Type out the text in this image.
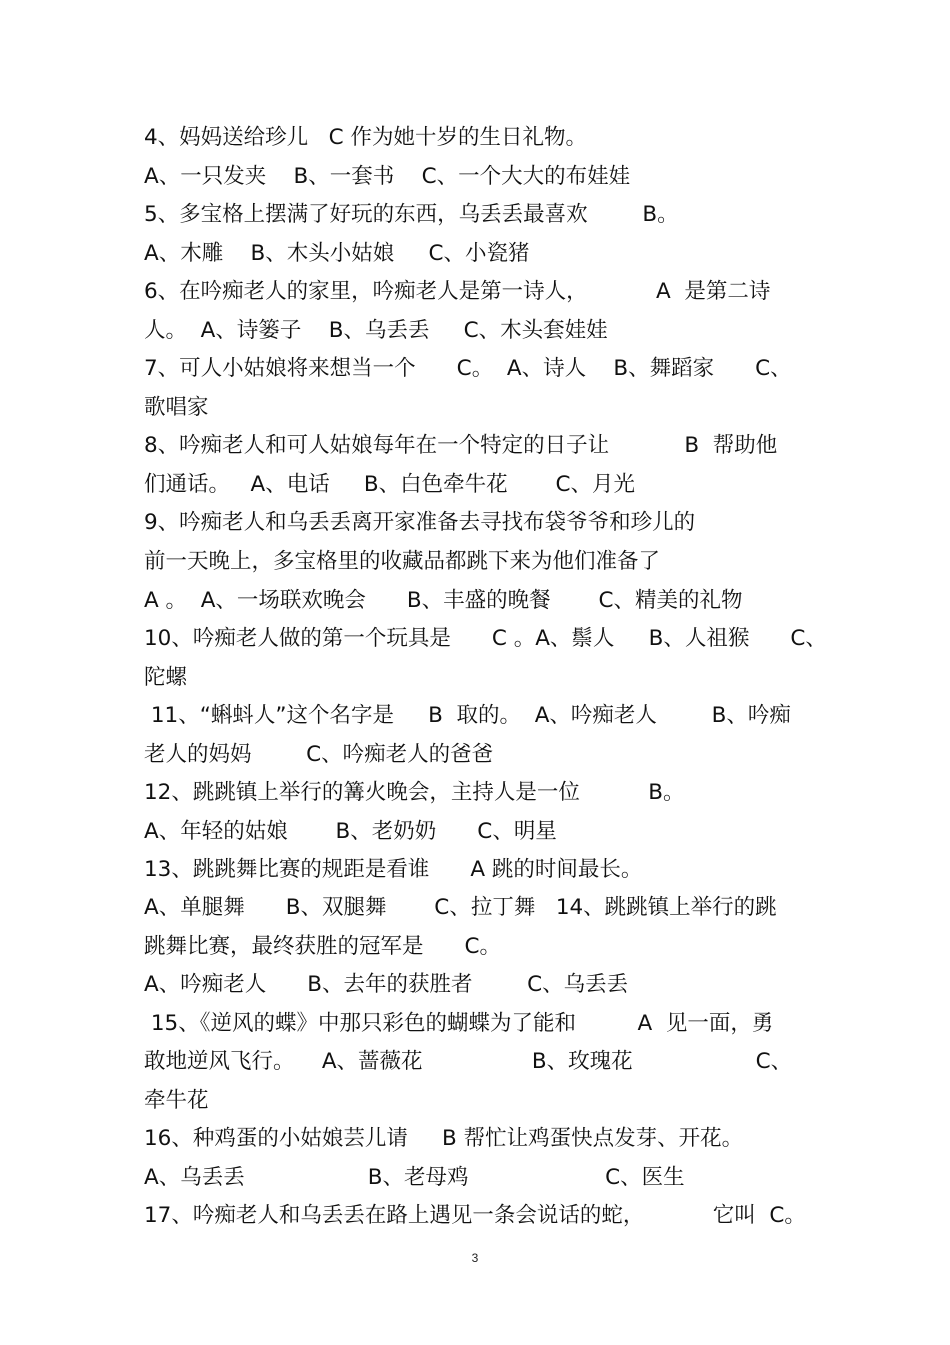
4、妈妈送给珍儿   C 作为她十岁的生日礼物。
A、一只发夹    B、一套书    C、一个大大的布娃娃
5、多宝格上摆满了好玩的东西，乌丢丢最喜欢        B。
A、木雕    B、木头小姑娘     C、小瓷猪
6、在吟痴老人的家里，吟痴老人是第一诗人，          A  是第二诗
人。  A、诗篓子    B、乌丢丢     C、木头套娃娃
7、可人小姑娘将来想当一个      C。  A、诗人    B、舞蹈家      C、
歌唱家
8、吟痴老人和可人姑娘每年在一个特定的日子让           B  帮助他
们通话。   A、电话     B、白色牵牛花       C、月光
9、吟痴老人和乌丢丢离开家准备去寻找布袋爷爷和珍儿的
前一天晚上，多宝格里的收藏品都跳下来为他们准备了
A 。  A、一场联欢晚会      B、丰盛的晚餐       C、精美的礼物
10、吟痴老人做的第一个玩具是      C 。A、鬃人     B、人祖猴      C、
陀螺
11、“蝌蚪人”这个名字是     B  取的。  A、吟痴老人        B、吟痴
老人的妈妈        C、吟痴老人的爸爸
12、跳跳镇上举行的篝火晚会，主持人是一位          B。
A、年轻的姑娘       B、老奶奶      C、明星
13、跳跳舞比赛的规距是看谁      A 跳的时间最长。
A、单腿舞      B、双腿舞       C、拉丁舞   14、跳跳镇上举行的跳
跳舞比赛，最终获胜的冠军是      C。
A、吟痴老人      B、去年的获胜者        C、乌丢丢
15、《逆风的蝶》中那只彩色的蝴蝶为了能和         A  见一面，勇
敢地逆风飞行。    A、蔷薇花                B、玫瑰花                  C、
牵牛花
16、种鸡蛋的小姑娘芸儿请     B 帮忙让鸡蛋快点发芽、开花。
A、乌丢丢                  B、老母鸡                    C、医生
17、吟痴老人和乌丢丢在路上遇见一条会说话的蛇，          它叫  C。
3
